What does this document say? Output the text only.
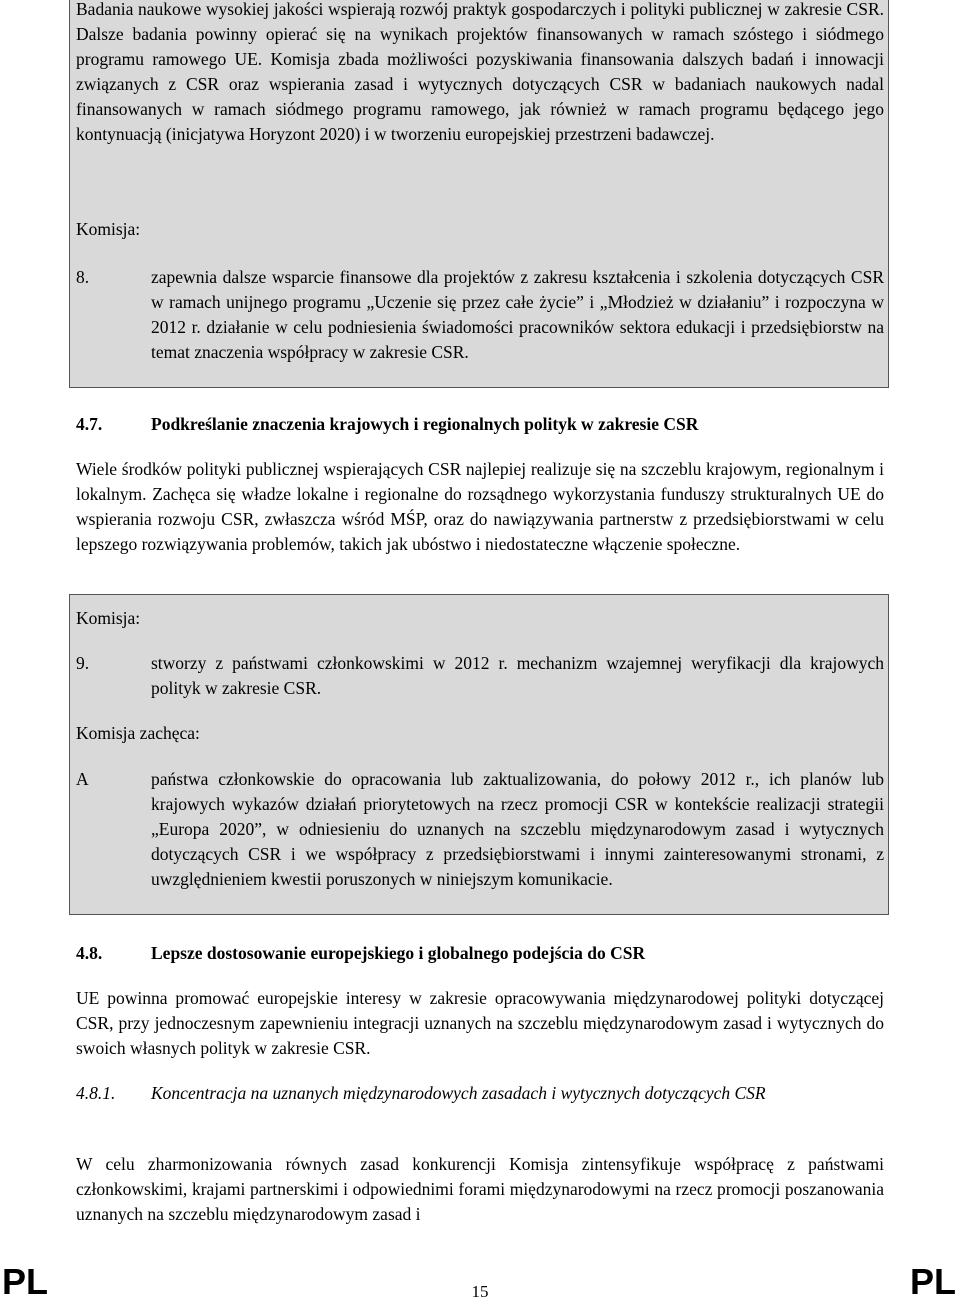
Badania naukowe wysokiej jakości wspierają rozwój praktyk gospodarczych i polityki publicznej w zakresie CSR. Dalsze badania powinny opierać się na wynikach projektów finansowanych w ramach szóstego i siódmego programu ramowego UE. Komisja zbada możliwości pozyskiwania finansowania dalszych badań i innowacji związanych z CSR oraz wspierania zasad i wytycznych dotyczących CSR w badaniach naukowych nadal finansowanych w ramach siódmego programu ramowego, jak również w ramach programu będącego jego kontynuacją (inicjatywa Horyzont 2020) i w tworzeniu europejskiej przestrzeni badawczej.

Komisja:

8.	zapewnia dalsze wsparcie finansowe dla projektów z zakresu kształcenia i szkolenia dotyczących CSR w ramach unijnego programu „Uczenie się przez całe życie” i „Młodzież w działaniu” i rozpoczyna w 2012 r. działanie w celu podniesienia świadomości pracowników sektora edukacji i przedsiębiorstw na temat znaczenia współpracy w zakresie CSR.

4.7.	Podkreślanie znaczenia krajowych i regionalnych polityk w zakresie CSR

Wiele środków polityki publicznej wspierających CSR najlepiej realizuje się na szczeblu krajowym, regionalnym i lokalnym. Zachęca się władze lokalne i regionalne do rozsądnego wykorzystania funduszy strukturalnych UE do wspierania rozwoju CSR, zwłaszcza wśród MŚP, oraz do nawiązywania partnerstw z przedsiębiorstwami w celu lepszego rozwiązywania problemów, takich jak ubóstwo i niedostateczne włączenie społeczne.

Komisja:

9.	stworzy z państwami członkowskimi w 2012 r. mechanizm wzajemnej weryfikacji dla krajowych polityk w zakresie CSR.

Komisja zachęca:

A	państwa członkowskie do opracowania lub zaktualizowania, do połowy 2012 r., ich planów lub krajowych wykazów działań priorytetowych na rzecz promocji CSR w kontekście realizacji strategii „Europa 2020”, w odniesieniu do uznanych na szczeblu międzynarodowym zasad i wytycznych dotyczących CSR i we współpracy z przedsiębiorstwami i innymi zainteresowanymi stronami, z uwzględnieniem kwestii poruszonych w niniejszym komunikacie.

4.8.	Lepsze dostosowanie europejskiego i globalnego podejścia do CSR

UE powinna promować europejskie interesy w zakresie opracowywania międzynarodowej polityki dotyczącej CSR, przy jednoczesnym zapewnieniu integracji uznanych na szczeblu międzynarodowym zasad i wytycznych do swoich własnych polityk w zakresie CSR.

4.8.1. Koncentracja na uznanych międzynarodowych zasadach i wytycznych dotyczących CSR

W celu zharmonizowania równych zasad konkurencji Komisja zintensyfikuje współpracę z państwami członkowskimi, krajami partnerskimi i odpowiednimi forami międzynarodowymi na rzecz promocji poszanowania uznanych na szczeblu międzynarodowym zasad i

PL	15	PL
